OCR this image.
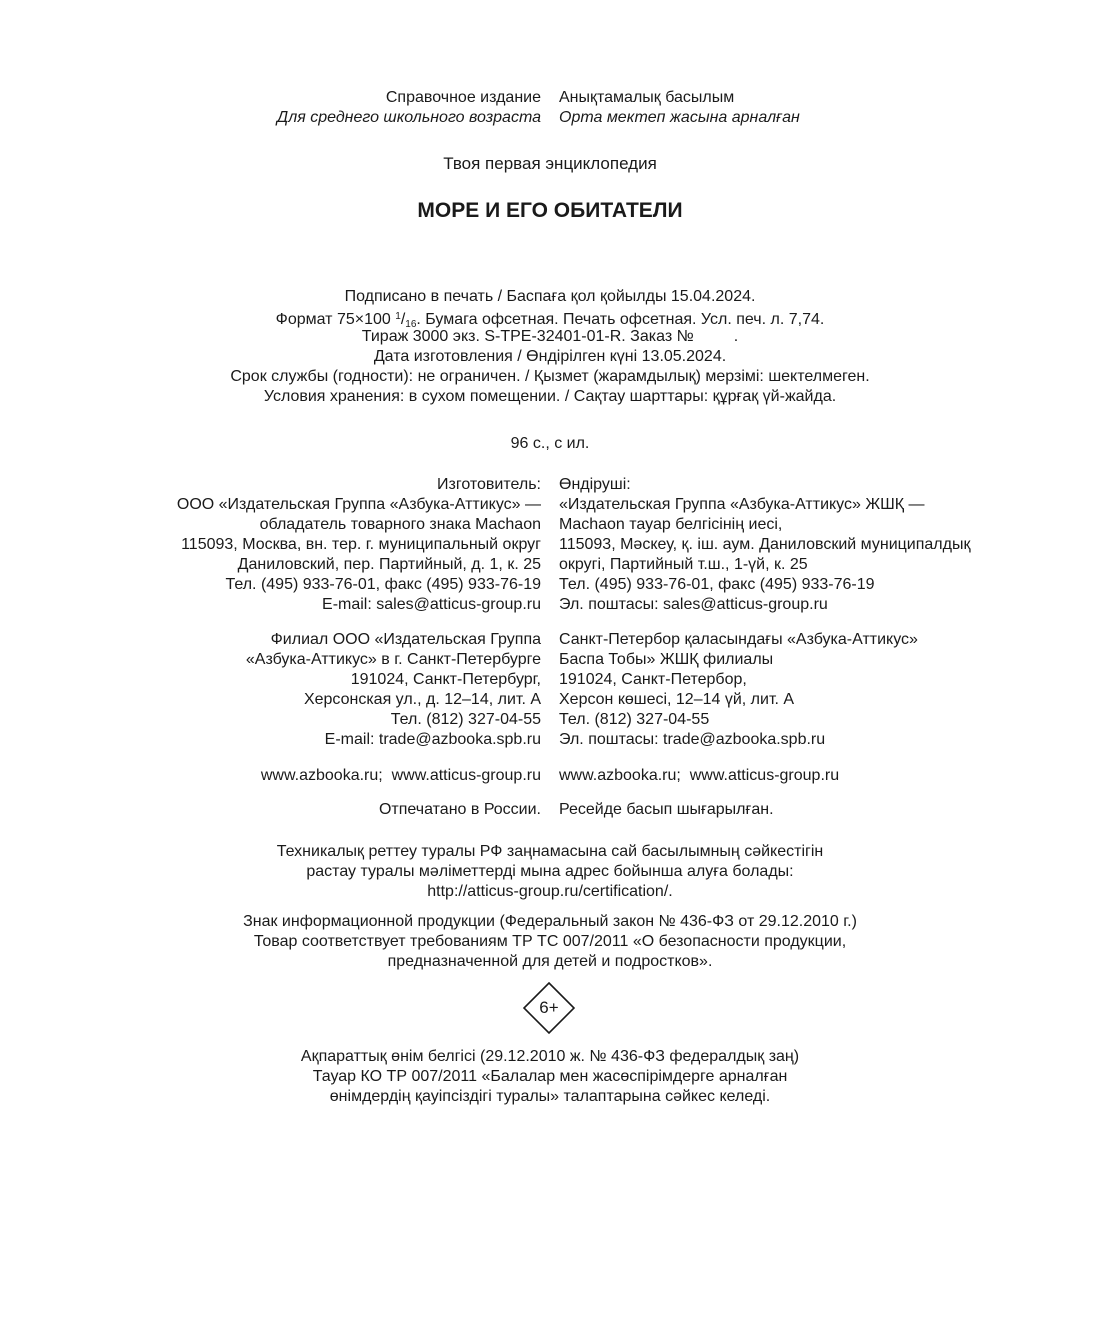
Справочное издание
Для среднего школьного возраста
Анықтамалық басылым
Орта мектеп жасына арналған
Твоя первая энциклопедия
МОРЕ И ЕГО ОБИТАТЕЛИ
Подписано в печать / Баспаға қол қойылды 15.04.2024.
Формат 75×100 $^1$/16. Бумага офсетная. Печать офсетная. Усл. печ. л. 7,74.
Тираж 3000 экз. S-TPE-32401-01-R. Заказ №         .
Дата изготовления / Өндірілген күні 13.05.2024.
Срок службы (годности): не ограничен. / Қызмет (жарамдылық) мерзімі: шектелмеген.
Условия хранения: в сухом помещении. / Сақтау шарттары: құрғақ үй-жайда.
96 с., с ил.
Изготовитель:
ООО «Издательская Группа «Азбука-Аттикус» —
обладатель товарного знака Machaon
115093, Москва, вн. тер. г. муниципальный округ
Даниловский, пер. Партийный, д. 1, к. 25
Тел. (495) 933-76-01, факс (495) 933-76-19
E-mail: sales@atticus-group.ru
Өндіруші:
«Издательская Группа «Азбука-Аттикус» ЖШҚ —
Machaon тауар белгісінің иесі,
115093, Мәскеу, қ. іш. аум. Даниловский муниципалдық
округі, Партийный т.ш., 1-үй, к. 25
Тел. (495) 933-76-01, факс (495) 933-76-19
Эл. поштасы: sales@atticus-group.ru
Филиал ООО «Издательская Группа
«Азбука-Аттикус» в г. Санкт-Петербурге
191024, Санкт-Петербург,
Херсонская ул., д. 12–14, лит. А
Тел. (812) 327-04-55
E-mail: trade@azbooka.spb.ru
Санкт-Петербор қаласындағы «Азбука-Аттикус»
Баспа Тобы» ЖШҚ филиалы
191024, Санкт-Петербор,
Херсон көшесі, 12–14 үй, лит. А
Тел. (812) 327-04-55
Эл. поштасы: trade@azbooka.spb.ru
www.azbooka.ru;  www.atticus-group.ru www.azbooka.ru;  www.atticus-group.ru
Отпечатано в России. Ресейде басып шығарылған.
Техникалық реттеу туралы РФ заңнамасына сай басылымның сәйкестігін
растау туралы мәліметтерді мына адрес бойынша алуға болады:
http://atticus-group.ru/certification/.
Знак информационной продукции (Федеральный закон № 436-ФЗ от 29.12.2010 г.)
Товар соответствует требованиям ТР ТС 007/2011 «О безопасности продукции,
предназначенной для детей и подростков».
6+
Ақпараттық өнім белгісі (29.12.2010 ж. № 436-ФЗ федералдық заң)
Тауар КО ТР 007/2011 «Балалар мен жасөспірімдерге арналған
өнімдердің қауіпсіздігі туралы» талаптарына сәйкес келеді.
